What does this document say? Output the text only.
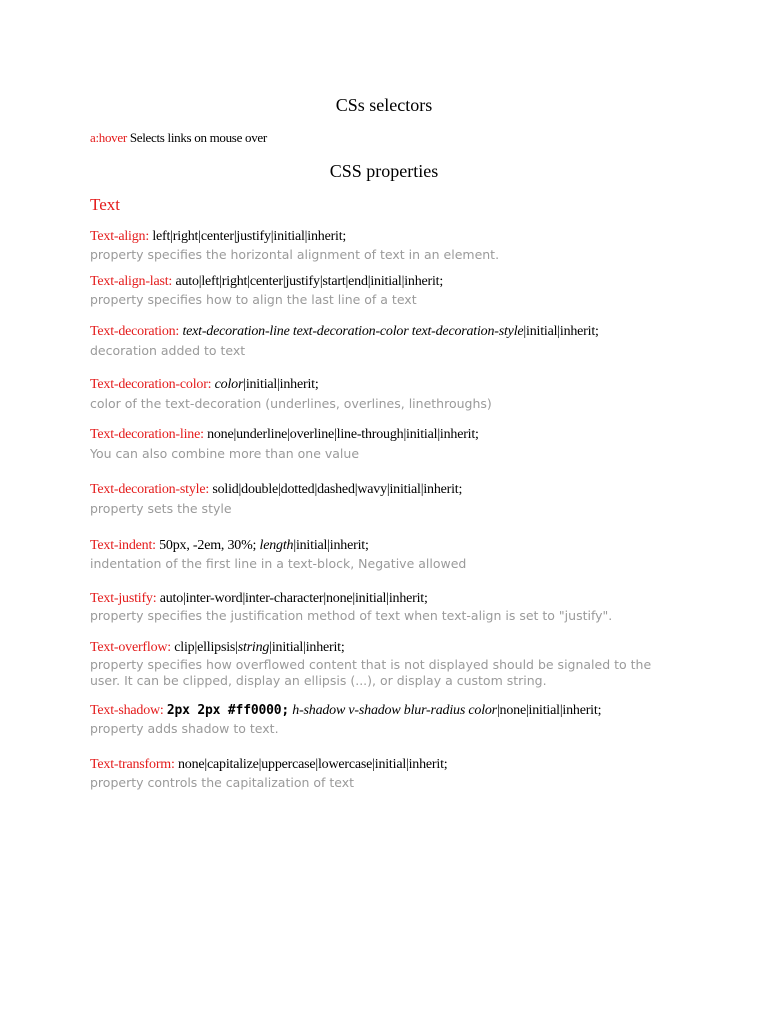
CSs selectors
a:hover Selects links on mouse over
CSS properties
Text
Text-align: left|right|center|justify|initial|inherit;
property specifies the horizontal alignment of text in an element.
Text-align-last: auto|left|right|center|justify|start|end|initial|inherit;
property specifies how to align the last line of a text
Text-decoration: text-decoration-line text-decoration-color text-decoration-style|initial|inherit;
decoration added to text
Text-decoration-color: color|initial|inherit;
color of the text-decoration (underlines, overlines, linethroughs)
Text-decoration-line: none|underline|overline|line-through|initial|inherit;
You can also combine more than one value
Text-decoration-style: solid|double|dotted|dashed|wavy|initial|inherit;
property sets the style
Text-indent: 50px, -2em, 30%; length|initial|inherit;
indentation of the first line in a text-block, Negative allowed
Text-justify: auto|inter-word|inter-character|none|initial|inherit;
property specifies the justification method of text when text-align is set to "justify".
Text-overflow: clip|ellipsis|string|initial|inherit;
property specifies how overflowed content that is not displayed should be signaled to the user. It can be clipped, display an ellipsis (...), or display a custom string.
Text-shadow: 2px 2px #ff0000; h-shadow v-shadow blur-radius color|none|initial|inherit;
property adds shadow to text.
Text-transform: none|capitalize|uppercase|lowercase|initial|inherit;
property controls the capitalization of text
